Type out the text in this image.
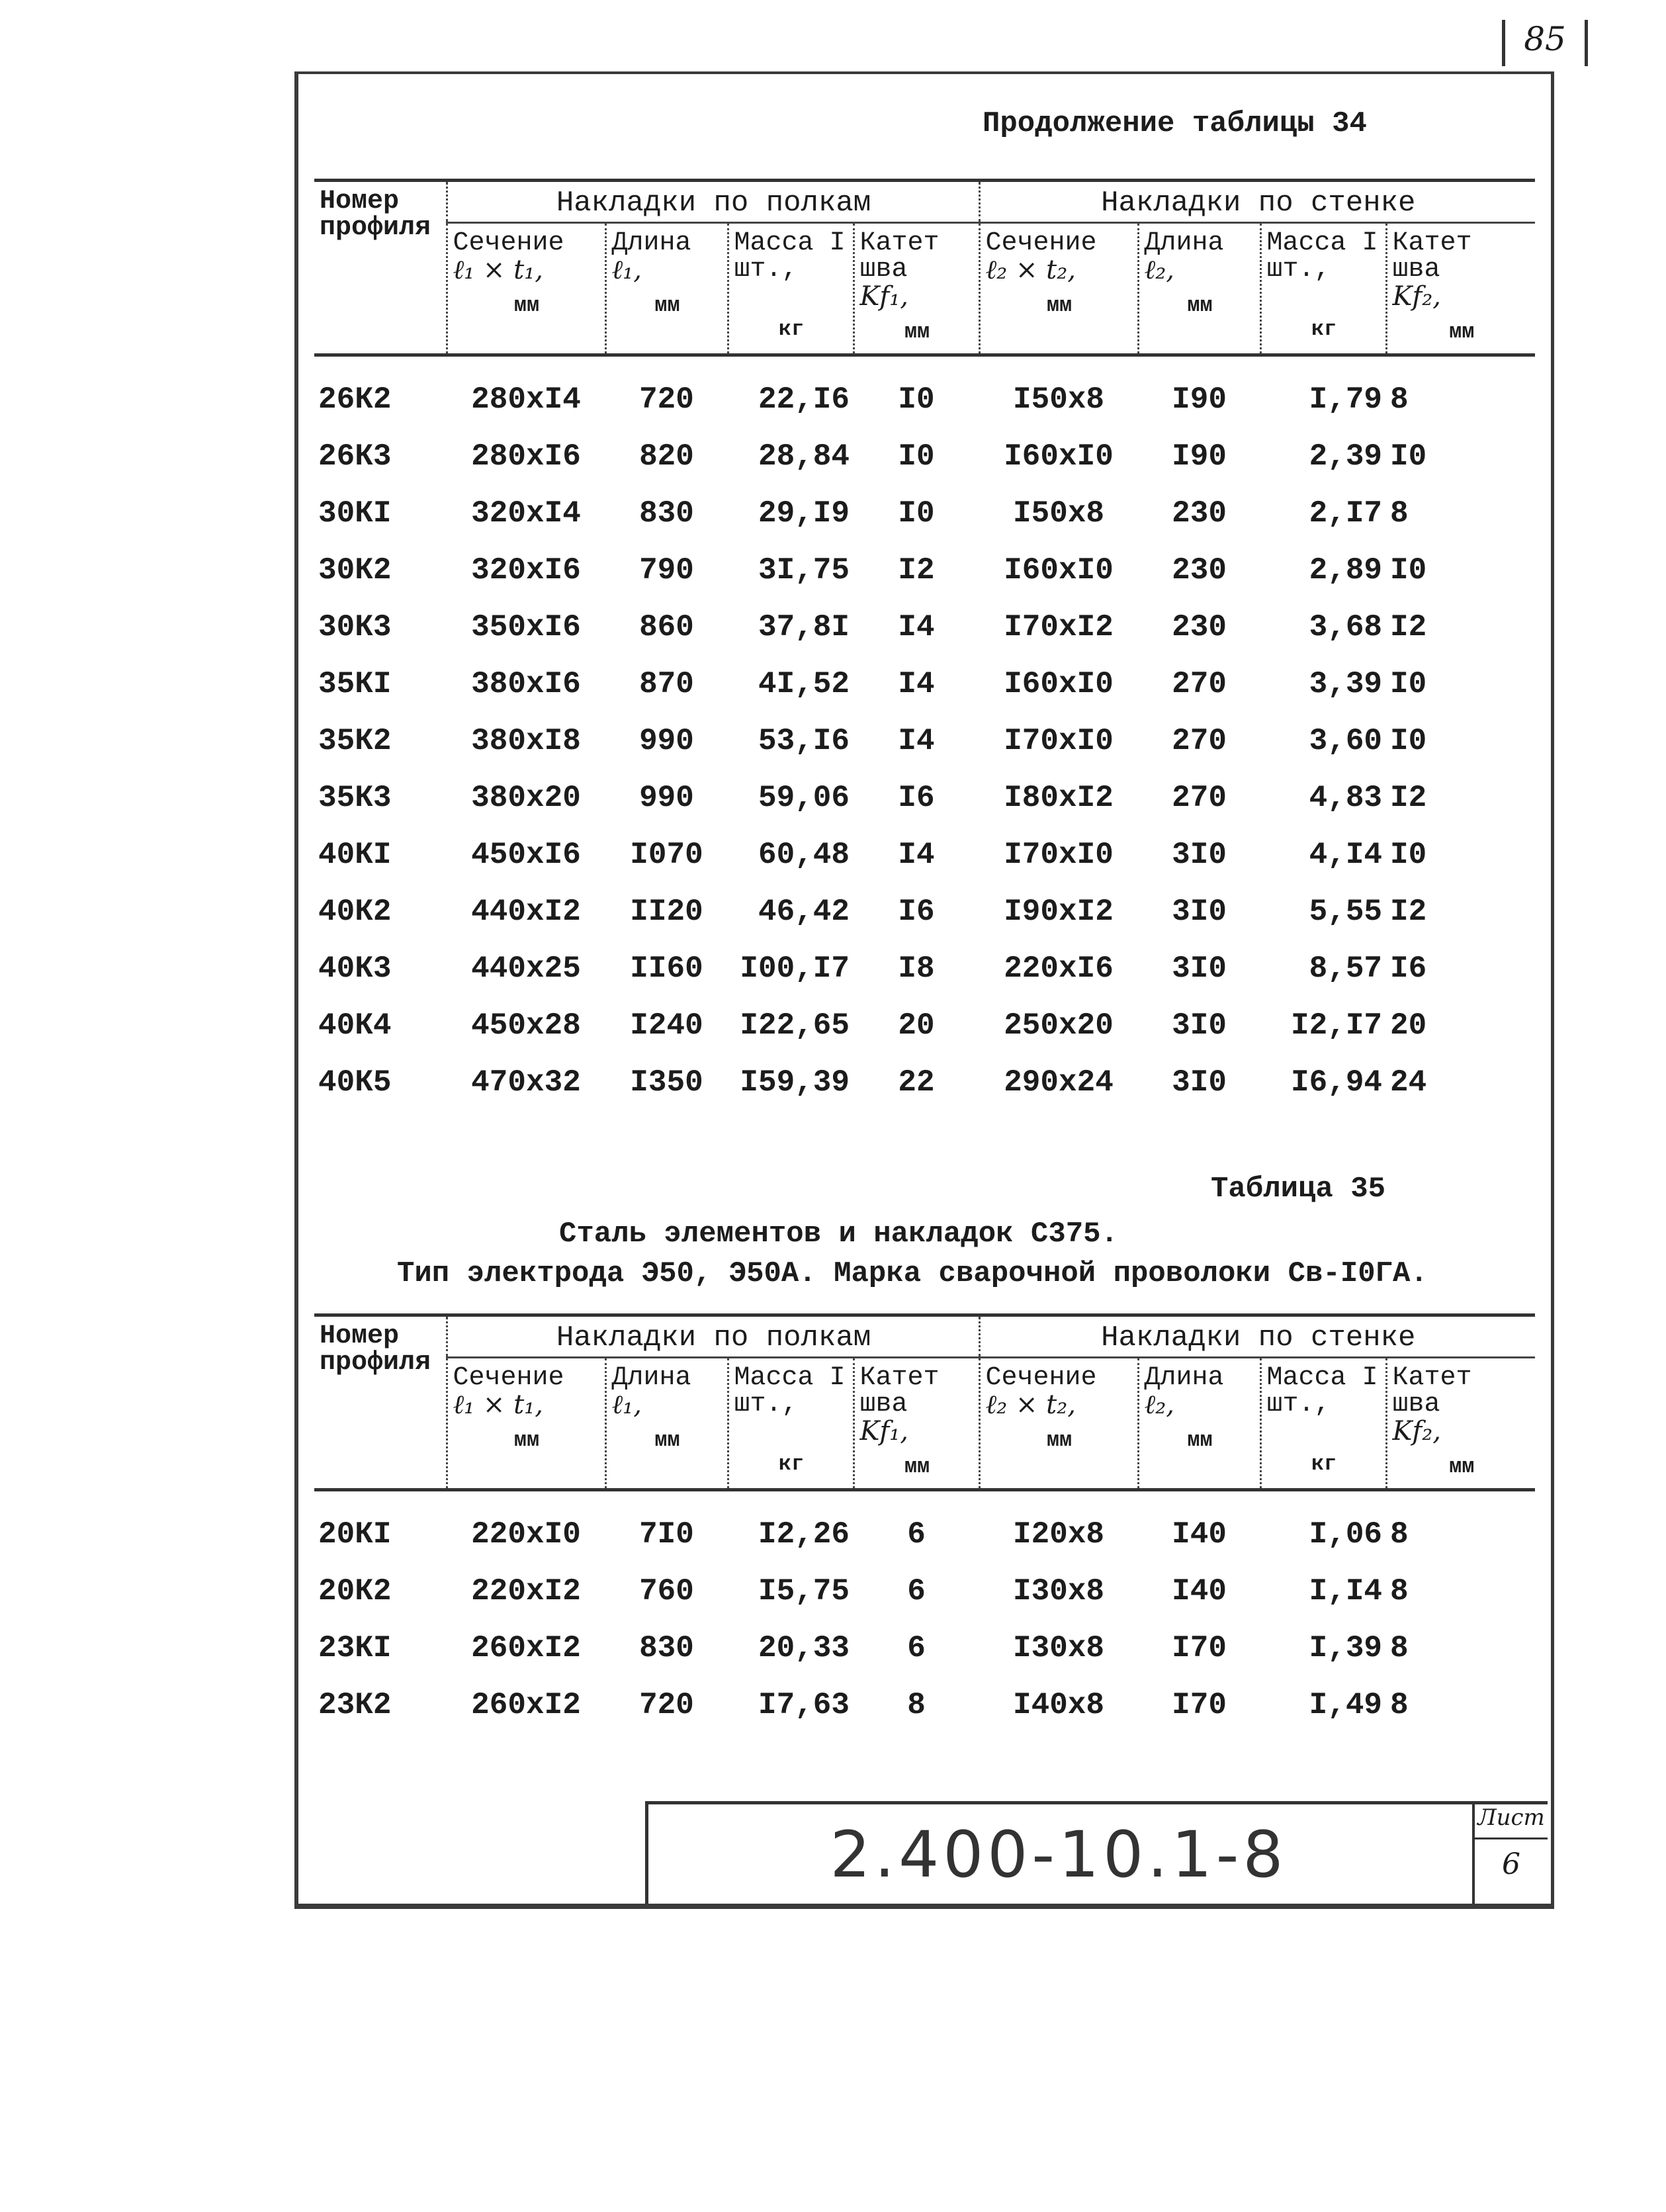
85
Продолжение таблицы 34
Номер профиля	Накладки по полкам				Накладки по стенке			
	Сечение
ℓ₁ × t₁,
мм	Длина
ℓ₁,
мм	Масса I шт.,
кг	Катет шва
Kf₁,
мм	Сечение
ℓ₂ × t₂,
мм	Длина
ℓ₂,
мм	Масса I шт.,
кг	Катет шва
Kf₂,
мм

26К2	280хI4	720	22,I6	I0	I50х8	I90	I,79	8
26К3	280хI6	820	28,84	I0	I60хI0	I90	2,39	I0
30КI	320хI4	830	29,I9	I0	I50х8	230	2,I7	8
30К2	320хI6	790	3I,75	I2	I60хI0	230	2,89	I0
30К3	350хI6	860	37,8I	I4	I70хI2	230	3,68	I2
35КI	380хI6	870	4I,52	I4	I60хI0	270	3,39	I0
35К2	380хI8	990	53,I6	I4	I70хI0	270	3,60	I0
35К3	380х20	990	59,06	I6	I80хI2	270	4,83	I2
40КI	450хI6	I070	60,48	I4	I70хI0	3I0	4,I4	I0
40К2	440хI2	II20	46,42	I6	I90хI2	3I0	5,55	I2
40К3	440х25	II60	I00,I7	I8	220хI6	3I0	8,57	I6
40К4	450х28	I240	I22,65	20	250х20	3I0	I2,I7	20
40К5	470х32	I350	I59,39	22	290х24	3I0	I6,94	24
Таблица 35
Сталь элементов и накладок С375.
Тип электрода Э50, Э50А. Марка сварочной проволоки Св-I0ГА.
Номер профиля	Накладки по полкам				Накладки по стенке			
	Сечение
ℓ₁ × t₁,
мм	Длина
ℓ₁,
мм	Масса I шт.,
кг	Катет шва
Kf₁,
мм	Сечение
ℓ₂ × t₂,
мм	Длина
ℓ₂,
мм	Масса I шт.,
кг	Катет шва
Kf₂,
мм

20КI	220хI0	7I0	I2,26	6	I20х8	I40	I,06	8
20К2	220хI2	760	I5,75	6	I30х8	I40	I,I4	8
23КI	260хI2	830	20,33	6	I30х8	I70	I,39	8
23К2	260хI2	720	I7,63	8	I40х8	I70	I,49	8
2.400-10.1-8	Лист
6
